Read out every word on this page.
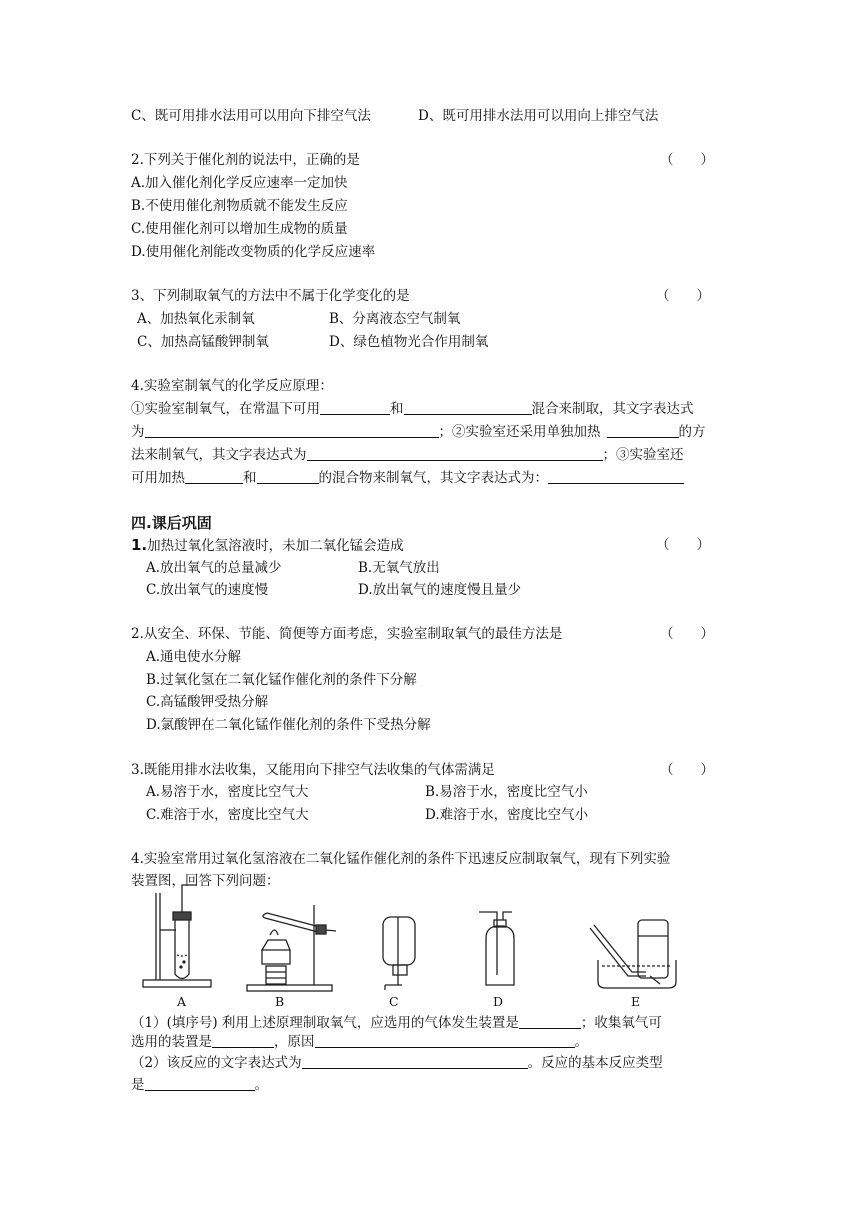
C、既可用排水法用可以用向下排空气法	D、既可用排水法用可以用向上排空气法
2.下列关于催化剂的说法中，正确的是	（　　）
A.加入催化剂化学反应速率一定加快
B.不使用催化剂物质就不能发生反应
C.使用催化剂可以增加生成物的质量
D.使用催化剂能改变物质的化学反应速率
3、下列制取氧气的方法中不属于化学变化的是	（　　）
A、加热氧化汞制氧	B、分离液态空气制氧
C、加热高锰酸钾制氧	D、绿色植物光合作用制氧
4.实验室制氧气的化学反应原理：
①实验室制氧气，在常温下可用	和	混合来制取，其文字表达式
为	；②实验室还采用单独加热	的方
法来制氧气，其文字表达式为	；③实验室还
可用加热	和	的混合物来制氧气，其文字表达式为：
四.课后巩固
1.加热过氧化氢溶液时，未加二氧化锰会造成	（　　）
A.放出氧气的总量减少	B.无氧气放出
C.放出氧气的速度慢	D.放出氧气的速度慢且量少
2.从安全、环保、节能、简便等方面考虑，实验室制取氧气的最佳方法是	（　　）
A.通电使水分解
B.过氧化氢在二氧化锰作催化剂的条件下分解
C.高锰酸钾受热分解
D.氯酸钾在二氧化锰作催化剂的条件下受热分解
3.既能用排水法收集，又能用向下排空气法收集的气体需满足	（　　）
A.易溶于水，密度比空气大	B.易溶于水，密度比空气小
C.难溶于水，密度比空气大	D.难溶于水，密度比空气小
4.实验室常用过氧化氢溶液在二氧化锰作催化剂的条件下迅速反应制取氧气，现有下列实验
装置图，回答下列问题：
A	B	C	D	E
（1）(填序号) 利用上述原理制取氧气，应选用的气体发生装置是	；收集氧气可
选用的装置是	，原因	。
（2）该反应的文字表达式为	。反应的基本反应类型
是	。
